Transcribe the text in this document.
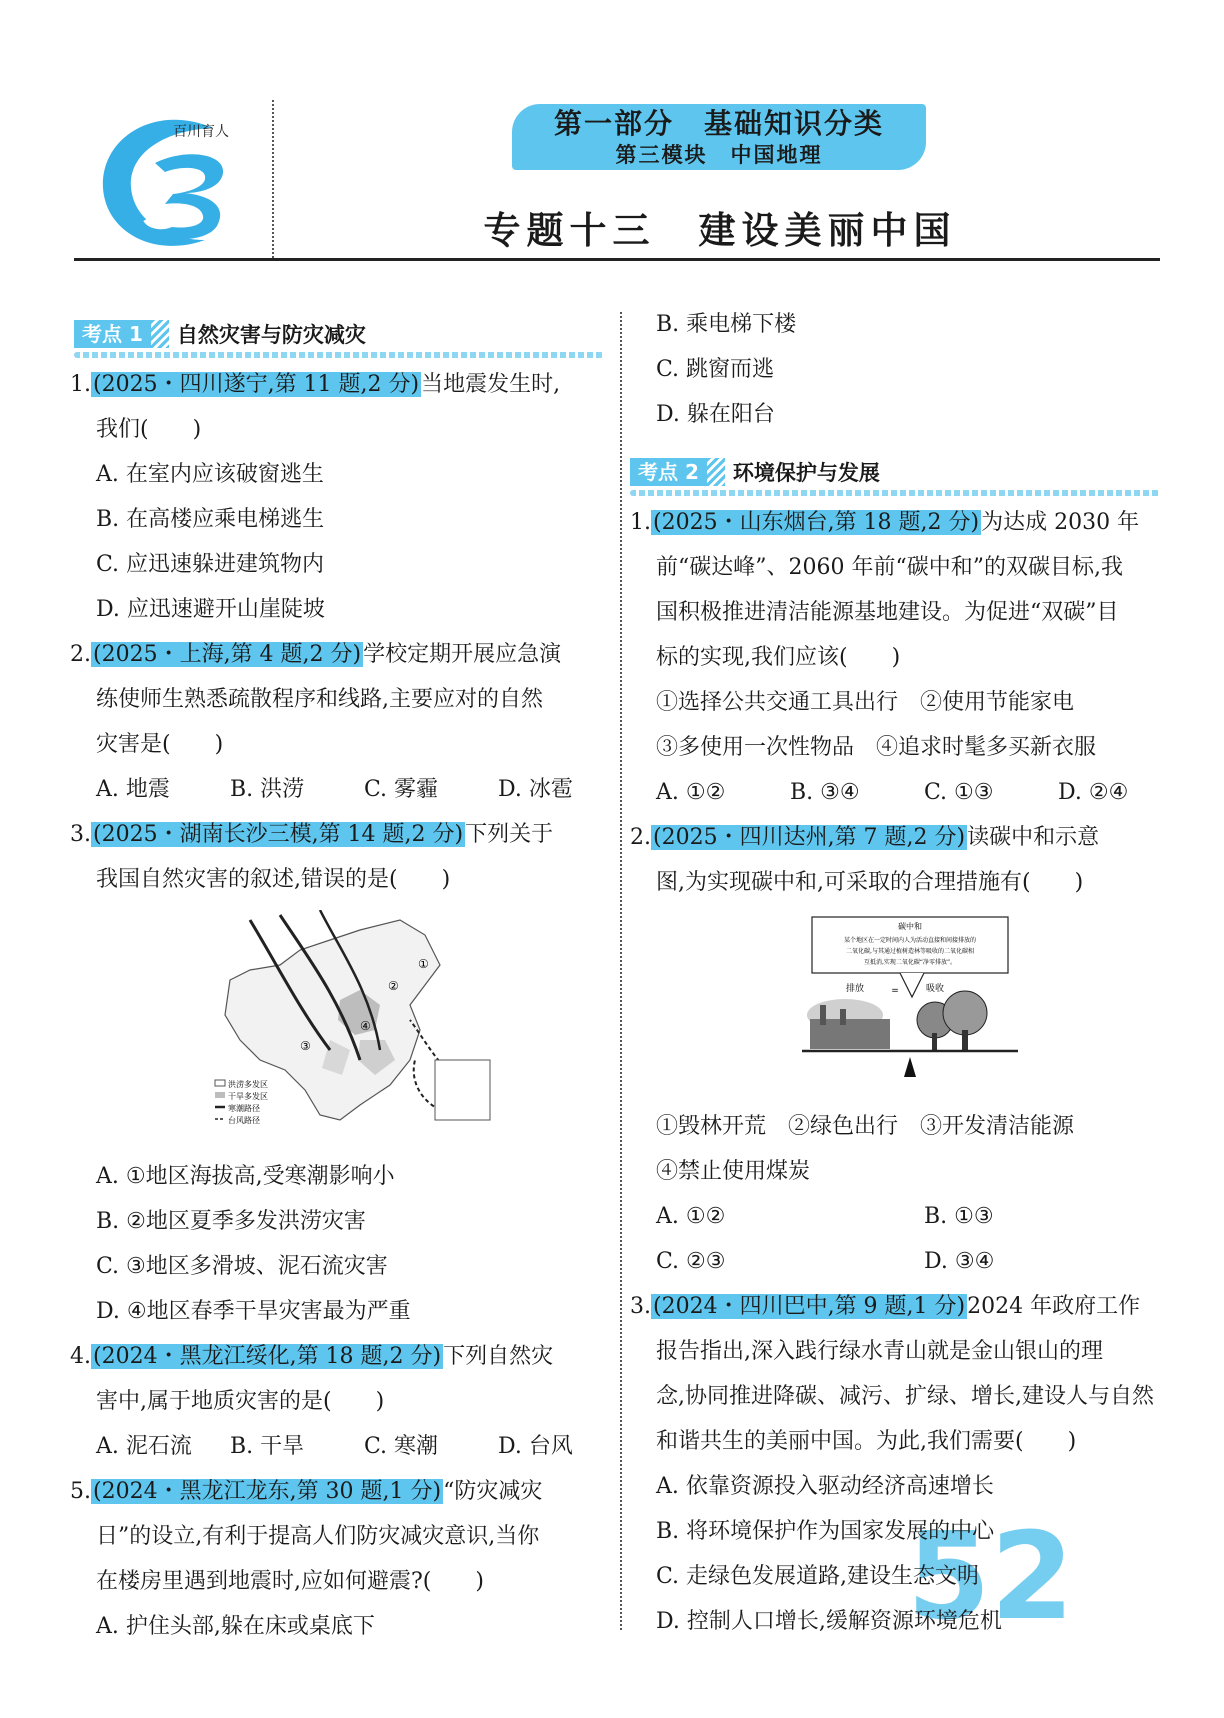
百川育人	第一部分　基础知识分类
第三模块　中国地理
专题十三　建设美丽中国
考点 1	自然灾害与防灾减灾
1.(2025・四川遂宁,第 11 题,2 分)当地震发生时,
我们(　　)
A. 在室内应该破窗逃生
B. 在高楼应乘电梯逃生
C. 应迅速躲进建筑物内
D. 应迅速避开山崖陡坡
2.(2025・上海,第 4 题,2 分)学校定期开展应急演
练使师生熟悉疏散程序和线路,主要应对的自然
灾害是(　　)
A. 地震	B. 洪涝	C. 雾霾	D. 冰雹
3.(2025・湖南长沙三模,第 14 题,2 分)下列关于
我国自然灾害的叙述,错误的是(　　)
①
②
③
④
洪涝多发区
干旱多发区
寒潮路径
台风路径
A. ①地区海拔高,受寒潮影响小
B. ②地区夏季多发洪涝灾害
C. ③地区多滑坡、泥石流灾害
D. ④地区春季干旱灾害最为严重
4.(2024・黑龙江绥化,第 18 题,2 分)下列自然灾
害中,属于地质灾害的是(　　)
A. 泥石流 B. 干旱	C. 寒潮	D. 台风
5.(2024・黑龙江龙东,第 30 题,1 分)“防灾减灾
日”的设立,有利于提高人们防灾减灾意识,当你
在楼房里遇到地震时,应如何避震?(　　)
A. 护住头部,躲在床或桌底下
B. 乘电梯下楼
C. 跳窗而逃
D. 躲在阳台
考点 2	环境保护与发展
1.(2025・山东烟台,第 18 题,2 分)为达成 2030 年
前“碳达峰”、2060 年前“碳中和”的双碳目标,我
国积极推进清洁能源基地建设。为促进“双碳”目
标的实现,我们应该(　　)
①选择公共交通工具出行　②使用节能家电
③多使用一次性物品　④追求时髦多买新衣服
A. ①②	B. ③④	C. ①③	D. ②④
2.(2025・四川达州,第 7 题,2 分)读碳中和示意
图,为实现碳中和,可采取的合理措施有(　　)
碳中和
某个地区在一定时间内人为活动直接和间接排放的
二氧化碳,与其通过植树造林等吸收的二氧化碳相
互抵消,实现二氧化碳“净零排放”。
排放	=	吸收
①毁林开荒　②绿色出行　③开发清洁能源
④禁止使用煤炭
A. ①②	B. ①③
C. ②③	D. ③④
3.(2024・四川巴中,第 9 题,1 分)2024 年政府工作
报告指出,深入践行绿水青山就是金山银山的理
念,协同推进降碳、减污、扩绿、增长,建设人与自然
和谐共生的美丽中国。为此,我们需要(　　)
52
A. 依靠资源投入驱动经济高速增长
B. 将环境保护作为国家发展的中心
C. 走绿色发展道路,建设生态文明
D. 控制人口增长,缓解资源环境危机
